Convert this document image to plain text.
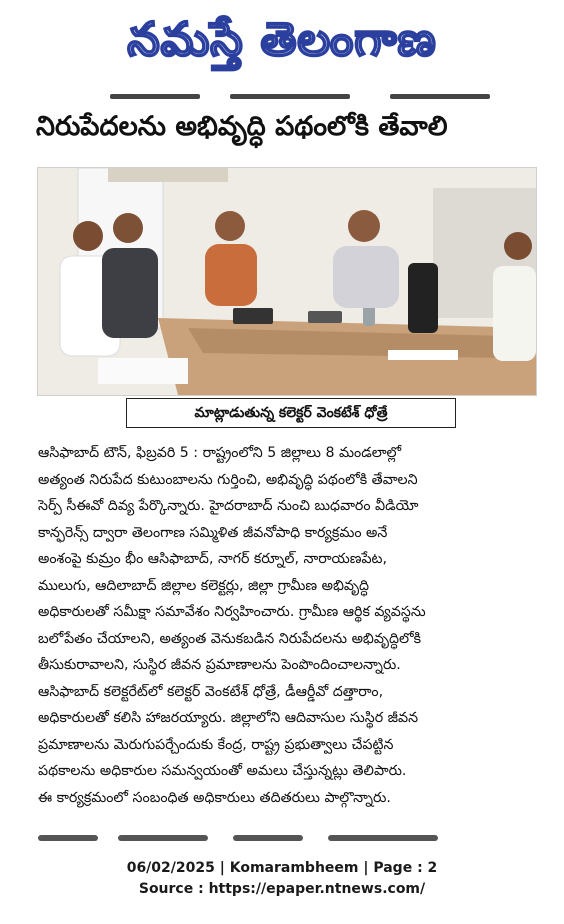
నమస్తే తెలంగాణ
నిరుపేదలను అభివృద్ధి పథంలోకి తేవాలి
మాట్లాడుతున్న కలెక్టర్ వెంకటేశ్ ధోత్రే

ఆసిఫాబాద్ టౌన్, ఫిబ్రవరి 5 : రాష్ట్రంలోని 5 జిల్లాలు 8 మండలాల్లో

అత్యంత నిరుపేద కుటుంబాలను గుర్తించి, అభివృద్ధి పథంలోకి తేవాలని

సెర్ప్ సీఈవో దివ్య పేర్కొన్నారు. హైదరాబాద్ నుంచి బుధవారం వీడియో

కాన్ఫరెన్స్ ద్వారా తెలంగాణ సమ్మిళిత జీవనోపాధి కార్యక్రమం అనే

అంశంపై కుమ్రం భీం ఆసిఫాబాద్, నాగర్ కర్నూల్, నారాయణపేట,

ములుగు, ఆదిలాబాద్ జిల్లాల కలెక్టర్లు, జిల్లా గ్రామీణ అభివృద్ధి

అధికారులతో సమీక్షా సమావేశం నిర్వహించారు. గ్రామీణ ఆర్థిక వ్యవస్థను

బలోపేతం చేయాలని, అత్యంత వెనుకబడిన నిరుపేదలను అభివృద్ధిలోకి

తీసుకురావాలని, సుస్థిర జీవన ప్రమాణాలను పెంపొందించాలన్నారు.

ఆసిఫాబాద్ కలెక్టరేట్‌లో కలెక్టర్ వెంకటేశ్ ధోత్రే, డీఆర్డీవో దత్తారాం,

అధికారులతో కలిసి హాజరయ్యారు. జిల్లాలోని ఆదివాసుల సుస్థిర జీవన

ప్రమాణాలను మెరుగుపర్చేందుకు కేంద్ర, రాష్ట్ర ప్రభుత్వాలు చేపట్టిన

పథకాలను అధికారుల సమన్వయంతో అమలు చేస్తున్నట్లు తెలిపారు.

ఈ కార్యక్రమంలో సంబంధిత అధికారులు తదితరులు పాల్గొన్నారు.

06/02/2025 | Komarambheem | Page : 2
Source : https://epaper.ntnews.com/
